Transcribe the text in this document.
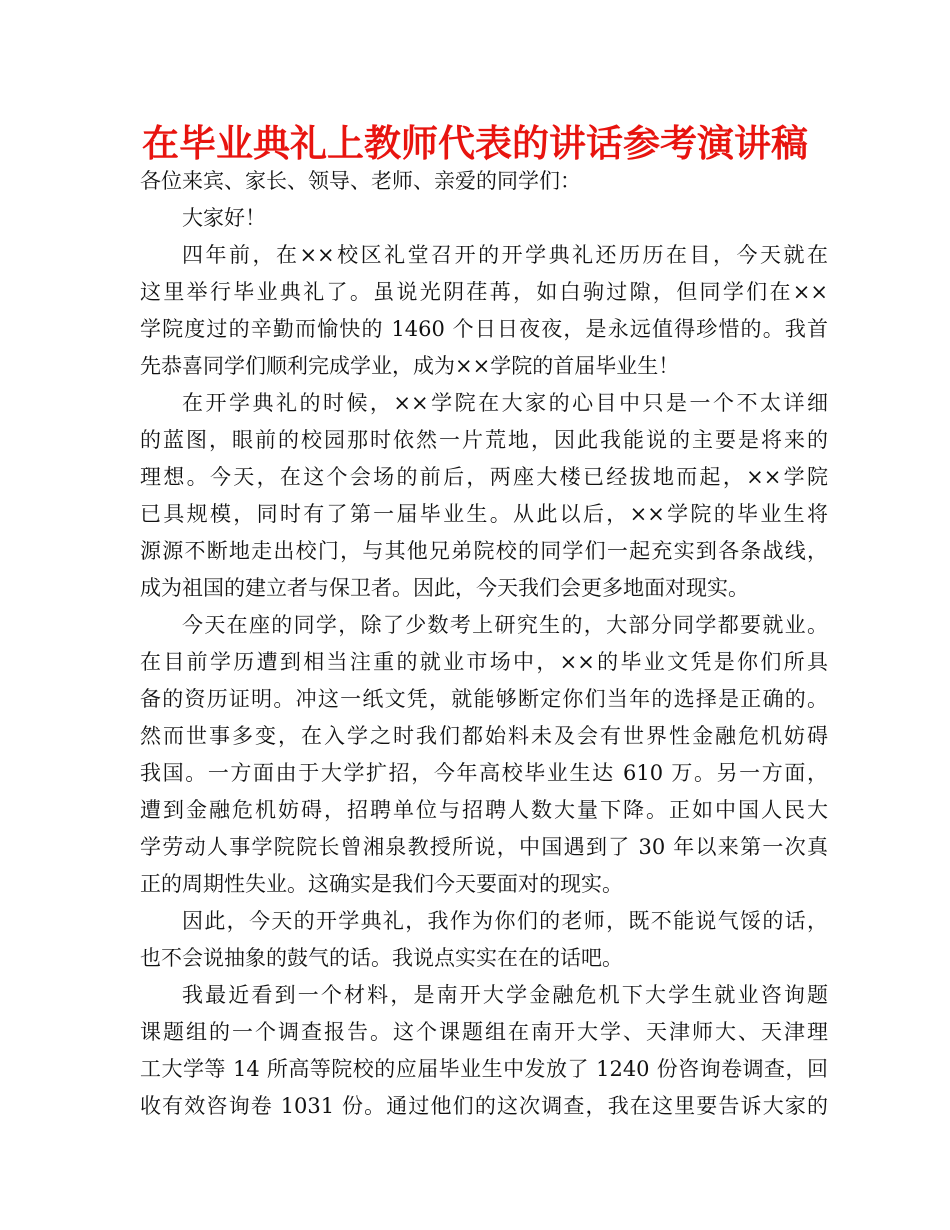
在毕业典礼上教师代表的讲话参考演讲稿
各位来宾、家长、领导、老师、亲爱的同学们：
大家好！
四年前，在××校区礼堂召开的开学典礼还历历在目，今天就在
这里举行毕业典礼了。虽说光阴荏苒，如白驹过隙，但同学们在××
学院度过的辛勤而愉快的 1460 个日日夜夜，是永远值得珍惜的。我首
先恭喜同学们顺利完成学业，成为××学院的首届毕业生！
在开学典礼的时候，××学院在大家的心目中只是一个不太详细
的蓝图，眼前的校园那时依然一片荒地，因此我能说的主要是将来的
理想。今天，在这个会场的前后，两座大楼已经拔地而起，××学院
已具规模，同时有了第一届毕业生。从此以后，××学院的毕业生将
源源不断地走出校门，与其他兄弟院校的同学们一起充实到各条战线，
成为祖国的建立者与保卫者。因此，今天我们会更多地面对现实。
今天在座的同学，除了少数考上研究生的，大部分同学都要就业。
在目前学历遭到相当注重的就业市场中，××的毕业文凭是你们所具
备的资历证明。冲这一纸文凭，就能够断定你们当年的选择是正确的。
然而世事多变，在入学之时我们都始料未及会有世界性金融危机妨碍
我国。一方面由于大学扩招，今年高校毕业生达 610 万。另一方面，
遭到金融危机妨碍，招聘单位与招聘人数大量下降。正如中国人民大
学劳动人事学院院长曾湘泉教授所说，中国遇到了 30 年以来第一次真
正的周期性失业。这确实是我们今天要面对的现实。
因此，今天的开学典礼，我作为你们的老师，既不能说气馁的话，
也不会说抽象的鼓气的话。我说点实实在在的话吧。
我最近看到一个材料，是南开大学金融危机下大学生就业咨询题
课题组的一个调查报告。这个课题组在南开大学、天津师大、天津理
工大学等 14 所高等院校的应届毕业生中发放了 1240 份咨询卷调查，回
收有效咨询卷 1031 份。通过他们的这次调查，我在这里要告诉大家的
